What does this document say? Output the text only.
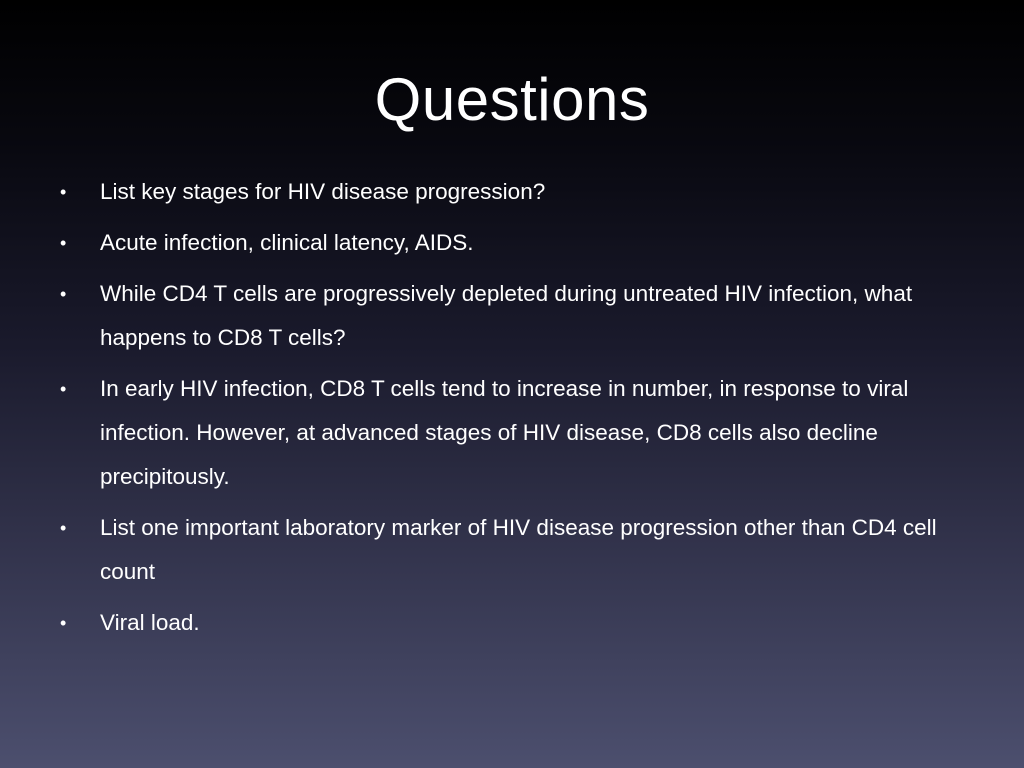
Questions
• List key stages for HIV disease progression?
• Acute infection, clinical latency, AIDS.
• While CD4 T cells are progressively depleted during untreated HIV infection, what happens to CD8 T cells?
• In early HIV infection, CD8 T cells tend to increase in number, in response to viral infection. However, at advanced stages of HIV disease, CD8 cells also decline precipitously.
• List one important laboratory marker of HIV disease progression other than CD4 cell count
• Viral load.
